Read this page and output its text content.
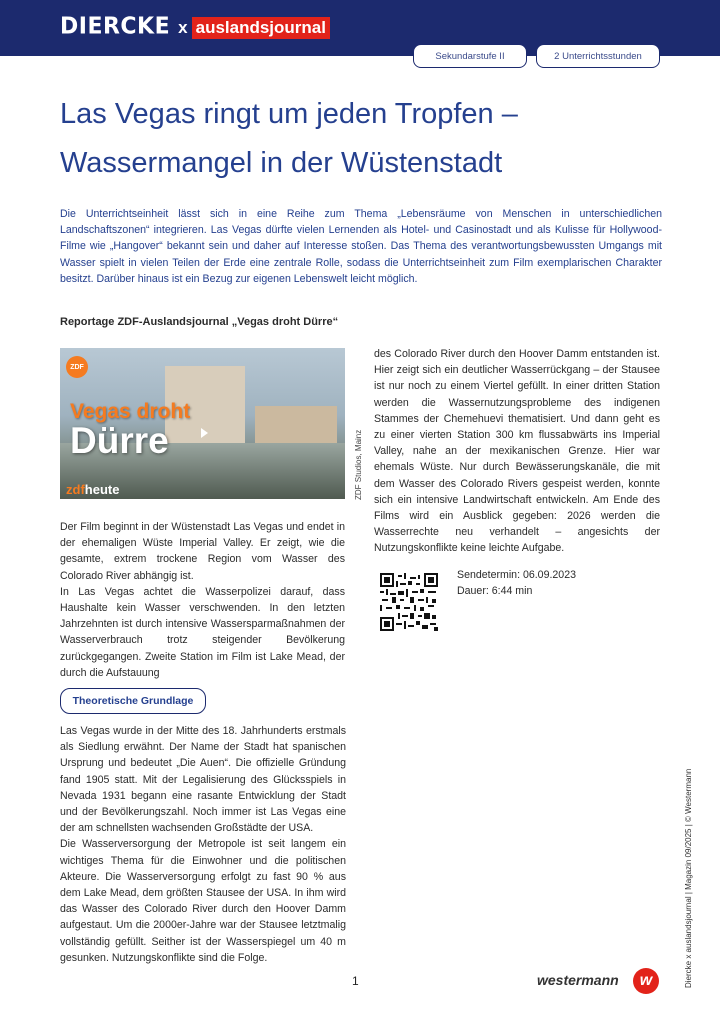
DIERCKE x auslandsjournal
Sekundarstufe II	2 Unterrichtsstunden
Las Vegas ringt um jeden Tropfen –
Wassermangel in der Wüstenstadt

Die Unterrichtseinheit lässt sich in eine Reihe zum Thema „Lebensräume von Menschen in unterschiedlichen Landschaftszonen“ integrieren. Las Vegas dürfte vielen Lernenden als Hotel- und Casinostadt und als Kulisse für Hollywood-Filme wie „Hangover“ bekannt sein und daher auf Interesse stoßen. Das Thema des verantwortungsbewussten Umgangs mit Wasser spielt in vielen Teilen der Erde eine zentrale Rolle, sodass die Unterrichtseinheit zum Film exemplarischen Charakter besitzt. Darüber hinaus ist ein Bezug zur eigenen Lebenswelt leicht möglich.

Reportage ZDF-Auslandsjournal „Vegas droht Dürre“
ZDF
Vegas droht
Dürre
zdfheute	ZDF Studios, Mainz

Der Film beginnt in der Wüstenstadt Las Vegas und endet in der ehemaligen Wüste Imperial Valley. Er zeigt, wie die gesamte, extrem trockene Region vom Wasser des Colorado River abhängig ist.

In Las Vegas achtet die Wasserpolizei darauf, dass Haushalte kein Wasser verschwenden. In den letzten Jahrzehnten ist durch intensive Wassersparmaßnahmen der Wasserverbrauch trotz steigender Bevölkerung zurückgegangen. Zweite Station im Film ist Lake Mead, der durch die Aufstauung

des Colorado River durch den Hoover Damm entstanden ist. Hier zeigt sich ein deutlicher Wasserrückgang – der Stausee ist nur noch zu einem Viertel gefüllt. In einer dritten Station werden die Wassernutzungsprobleme des indigenen Stammes der Chemehuevi thematisiert. Und dann geht es zu einer vierten Station 300 km flussabwärts ins Imperial Valley, nahe an der mexikanischen Grenze. Hier war ehemals Wüste. Nur durch Bewässerungskanäle, die mit dem Wasser des Colorado Rivers gespeist werden, konnte sich ein intensive Landwirtschaft entwickeln. Am Ende des Films wird ein Ausblick gegeben: 2026 werden die Wasserrechte neu verhandelt – angesichts der Nutzungskonflikte keine leichte Aufgabe.

Sendetermin: 06.09.2023
Dauer: 6:44 min
Theoretische Grundlage

Las Vegas wurde in der Mitte des 18. Jahrhunderts erstmals als Siedlung erwähnt. Der Name der Stadt hat spanischen Ursprung und bedeutet „Die Auen“. Die offizielle Gründung fand 1905 statt. Mit der Legalisierung des Glücksspiels in Nevada 1931 begann eine rasante Entwicklung der Stadt und der Bevölkerungszahl. Noch immer ist Las Vegas eine der am schnellsten wachsenden Großstädte der USA.

Die Wasserversorgung der Metropole ist seit langem ein wichtiges Thema für die Einwohner und die politischen Akteure. Die Wasserversorgung erfolgt zu fast 90 % aus dem Lake Mead, dem größten Stausee der USA. In ihm wird das Wasser des Colorado River durch den Hoover Damm aufgestaut. Um die 2000er-Jahre war der Stausee letztmalig vollständig gefüllt. Seither ist der Wasserspiegel um 40 m gesunken. Nutzungskonflikte sind die Folge.

1	Diercke x auslandsjournal | Magazin 09/2025 | © Westermann
westermann	w
